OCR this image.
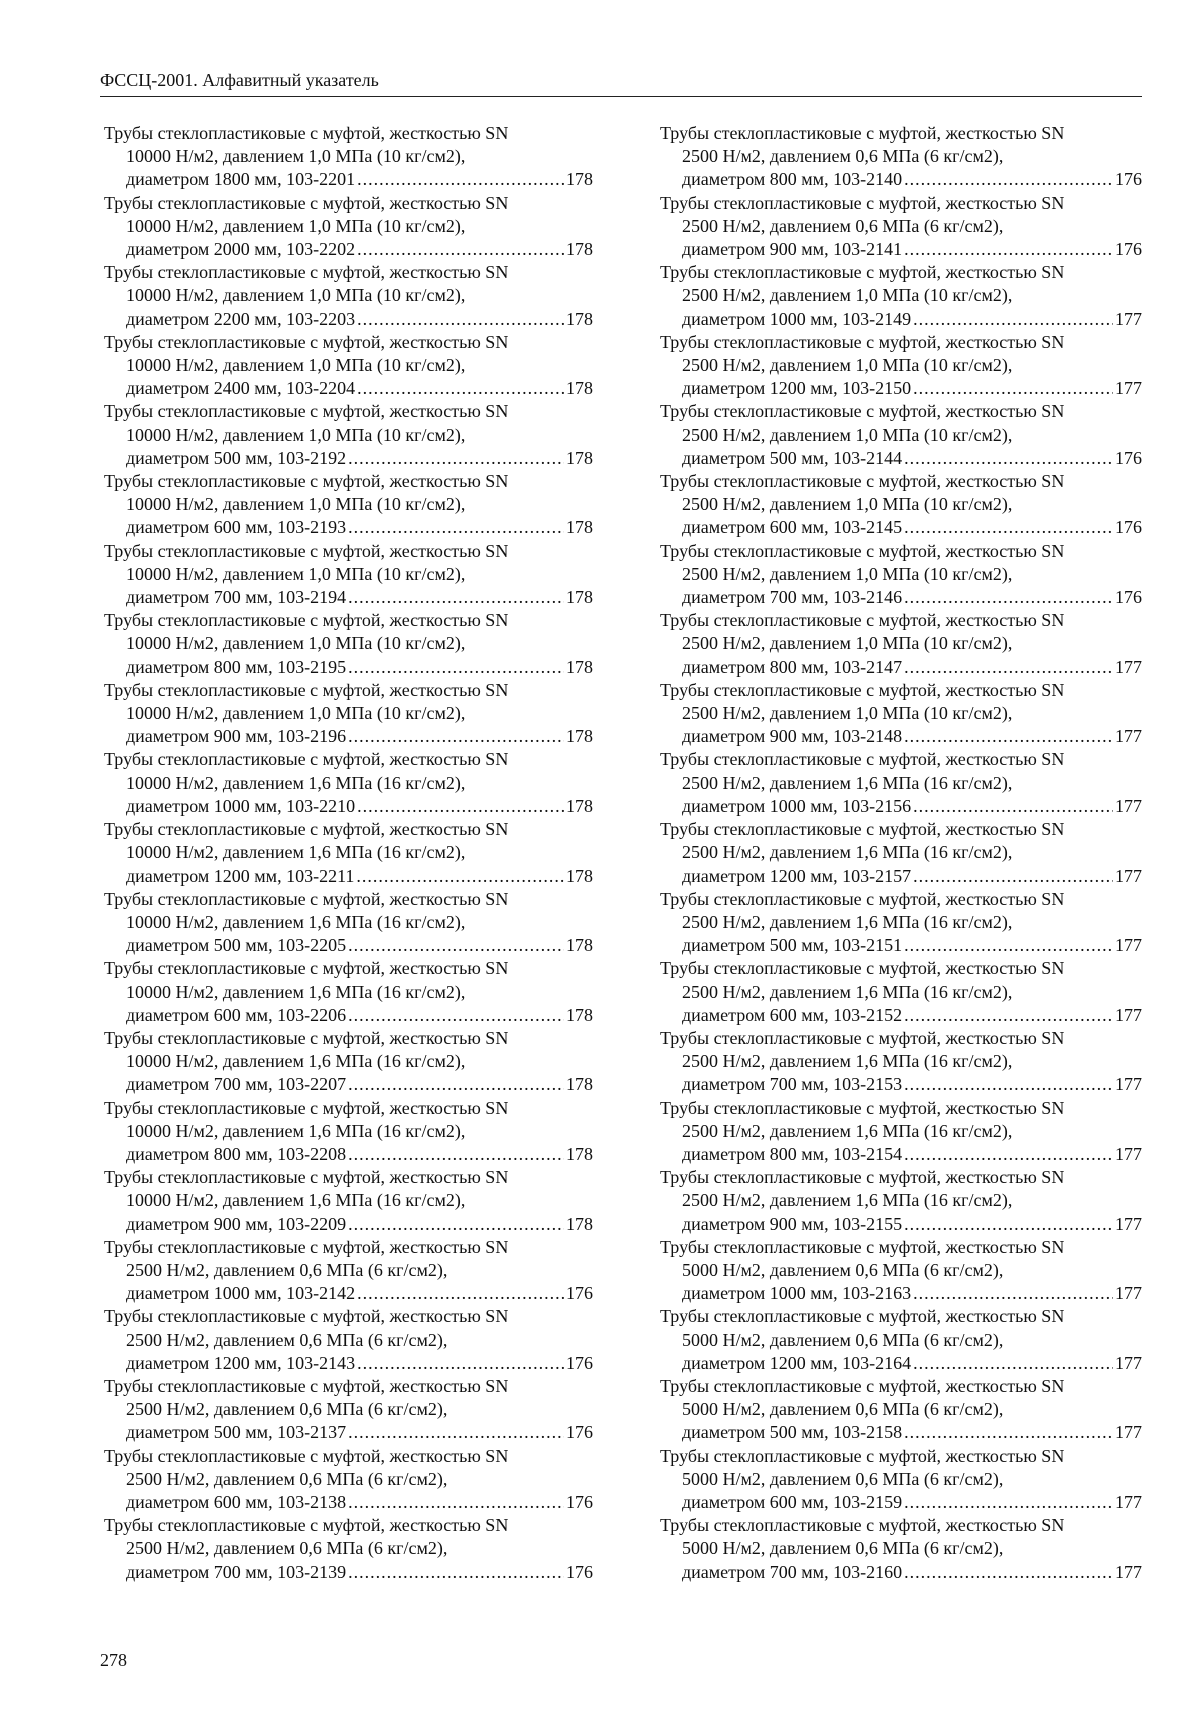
ФССЦ-2001. Алфавитный указатель
Трубы стеклопластиковые с муфтой, жесткостью SN
10000 Н/м2, давлением 1,0 МПа (10 кг/см2),
диаметром 1800 мм, 103-2201 .....	178
Трубы стеклопластиковые с муфтой, жесткостью SN
10000 Н/м2, давлением 1,0 МПа (10 кг/см2),
диаметром 2000 мм, 103-2202 .....	178
Трубы стеклопластиковые с муфтой, жесткостью SN
10000 Н/м2, давлением 1,0 МПа (10 кг/см2),
диаметром 2200 мм, 103-2203 .....	178
Трубы стеклопластиковые с муфтой, жесткостью SN
10000 Н/м2, давлением 1,0 МПа (10 кг/см2),
диаметром 2400 мм, 103-2204 .....	178
Трубы стеклопластиковые с муфтой, жесткостью SN
10000 Н/м2, давлением 1,0 МПа (10 кг/см2),
диаметром 500 мм, 103-2192 .....	178
Трубы стеклопластиковые с муфтой, жесткостью SN
10000 Н/м2, давлением 1,0 МПа (10 кг/см2),
диаметром 600 мм, 103-2193 .....	178
Трубы стеклопластиковые с муфтой, жесткостью SN
10000 Н/м2, давлением 1,0 МПа (10 кг/см2),
диаметром 700 мм, 103-2194 .....	178
Трубы стеклопластиковые с муфтой, жесткостью SN
10000 Н/м2, давлением 1,0 МПа (10 кг/см2),
диаметром 800 мм, 103-2195 .....	178
Трубы стеклопластиковые с муфтой, жесткостью SN
10000 Н/м2, давлением 1,0 МПа (10 кг/см2),
диаметром 900 мм, 103-2196 .....	178
Трубы стеклопластиковые с муфтой, жесткостью SN
10000 Н/м2, давлением 1,6 МПа (16 кг/см2),
диаметром 1000 мм, 103-2210 .....	178
Трубы стеклопластиковые с муфтой, жесткостью SN
10000 Н/м2, давлением 1,6 МПа (16 кг/см2),
диаметром 1200 мм, 103-2211 .....	178
Трубы стеклопластиковые с муфтой, жесткостью SN
10000 Н/м2, давлением 1,6 МПа (16 кг/см2),
диаметром 500 мм, 103-2205 .....	178
Трубы стеклопластиковые с муфтой, жесткостью SN
10000 Н/м2, давлением 1,6 МПа (16 кг/см2),
диаметром 600 мм, 103-2206 .....	178
Трубы стеклопластиковые с муфтой, жесткостью SN
10000 Н/м2, давлением 1,6 МПа (16 кг/см2),
диаметром 700 мм, 103-2207 .....	178
Трубы стеклопластиковые с муфтой, жесткостью SN
10000 Н/м2, давлением 1,6 МПа (16 кг/см2),
диаметром 800 мм, 103-2208 .....	178
Трубы стеклопластиковые с муфтой, жесткостью SN
10000 Н/м2, давлением 1,6 МПа (16 кг/см2),
диаметром 900 мм, 103-2209 .....	178
Трубы стеклопластиковые с муфтой, жесткостью SN
2500 Н/м2, давлением 0,6 МПа (6 кг/см2),
диаметром 1000 мм, 103-2142 .....	176
Трубы стеклопластиковые с муфтой, жесткостью SN
2500 Н/м2, давлением 0,6 МПа (6 кг/см2),
диаметром 1200 мм, 103-2143 .....	176
Трубы стеклопластиковые с муфтой, жесткостью SN
2500 Н/м2, давлением 0,6 МПа (6 кг/см2),
диаметром 500 мм, 103-2137 .....	176
Трубы стеклопластиковые с муфтой, жесткостью SN
2500 Н/м2, давлением 0,6 МПа (6 кг/см2),
диаметром 600 мм, 103-2138 .....	176
Трубы стеклопластиковые с муфтой, жесткостью SN
2500 Н/м2, давлением 0,6 МПа (6 кг/см2),
диаметром 700 мм, 103-2139 .....	176
Трубы стеклопластиковые с муфтой, жесткостью SN
2500 Н/м2, давлением 0,6 МПа (6 кг/см2),
диаметром 800 мм, 103-2140 .....	176
Трубы стеклопластиковые с муфтой, жесткостью SN
2500 Н/м2, давлением 0,6 МПа (6 кг/см2),
диаметром 900 мм, 103-2141 .....	176
Трубы стеклопластиковые с муфтой, жесткостью SN
2500 Н/м2, давлением 1,0 МПа (10 кг/см2),
диаметром 1000 мм, 103-2149 .....	177
Трубы стеклопластиковые с муфтой, жесткостью SN
2500 Н/м2, давлением 1,0 МПа (10 кг/см2),
диаметром 1200 мм, 103-2150 .....	177
Трубы стеклопластиковые с муфтой, жесткостью SN
2500 Н/м2, давлением 1,0 МПа (10 кг/см2),
диаметром 500 мм, 103-2144 .....	176
Трубы стеклопластиковые с муфтой, жесткостью SN
2500 Н/м2, давлением 1,0 МПа (10 кг/см2),
диаметром 600 мм, 103-2145 .....	176
Трубы стеклопластиковые с муфтой, жесткостью SN
2500 Н/м2, давлением 1,0 МПа (10 кг/см2),
диаметром 700 мм, 103-2146 .....	176
Трубы стеклопластиковые с муфтой, жесткостью SN
2500 Н/м2, давлением 1,0 МПа (10 кг/см2),
диаметром 800 мм, 103-2147 .....	177
Трубы стеклопластиковые с муфтой, жесткостью SN
2500 Н/м2, давлением 1,0 МПа (10 кг/см2),
диаметром 900 мм, 103-2148 .....	177
Трубы стеклопластиковые с муфтой, жесткостью SN
2500 Н/м2, давлением 1,6 МПа (16 кг/см2),
диаметром 1000 мм, 103-2156 .....	177
Трубы стеклопластиковые с муфтой, жесткостью SN
2500 Н/м2, давлением 1,6 МПа (16 кг/см2),
диаметром 1200 мм, 103-2157 .....	177
Трубы стеклопластиковые с муфтой, жесткостью SN
2500 Н/м2, давлением 1,6 МПа (16 кг/см2),
диаметром 500 мм, 103-2151 .....	177
Трубы стеклопластиковые с муфтой, жесткостью SN
2500 Н/м2, давлением 1,6 МПа (16 кг/см2),
диаметром 600 мм, 103-2152 .....	177
Трубы стеклопластиковые с муфтой, жесткостью SN
2500 Н/м2, давлением 1,6 МПа (16 кг/см2),
диаметром 700 мм, 103-2153 .....	177
Трубы стеклопластиковые с муфтой, жесткостью SN
2500 Н/м2, давлением 1,6 МПа (16 кг/см2),
диаметром 800 мм, 103-2154 .....	177
Трубы стеклопластиковые с муфтой, жесткостью SN
2500 Н/м2, давлением 1,6 МПа (16 кг/см2),
диаметром 900 мм, 103-2155 .....	177
Трубы стеклопластиковые с муфтой, жесткостью SN
5000 Н/м2, давлением 0,6 МПа (6 кг/см2),
диаметром 1000 мм, 103-2163 .....	177
Трубы стеклопластиковые с муфтой, жесткостью SN
5000 Н/м2, давлением 0,6 МПа (6 кг/см2),
диаметром 1200 мм, 103-2164 .....	177
Трубы стеклопластиковые с муфтой, жесткостью SN
5000 Н/м2, давлением 0,6 МПа (6 кг/см2),
диаметром 500 мм, 103-2158 .....	177
Трубы стеклопластиковые с муфтой, жесткостью SN
5000 Н/м2, давлением 0,6 МПа (6 кг/см2),
диаметром 600 мм, 103-2159 .....	177
Трубы стеклопластиковые с муфтой, жесткостью SN
5000 Н/м2, давлением 0,6 МПа (6 кг/см2),
диаметром 700 мм, 103-2160 .....	177
278
